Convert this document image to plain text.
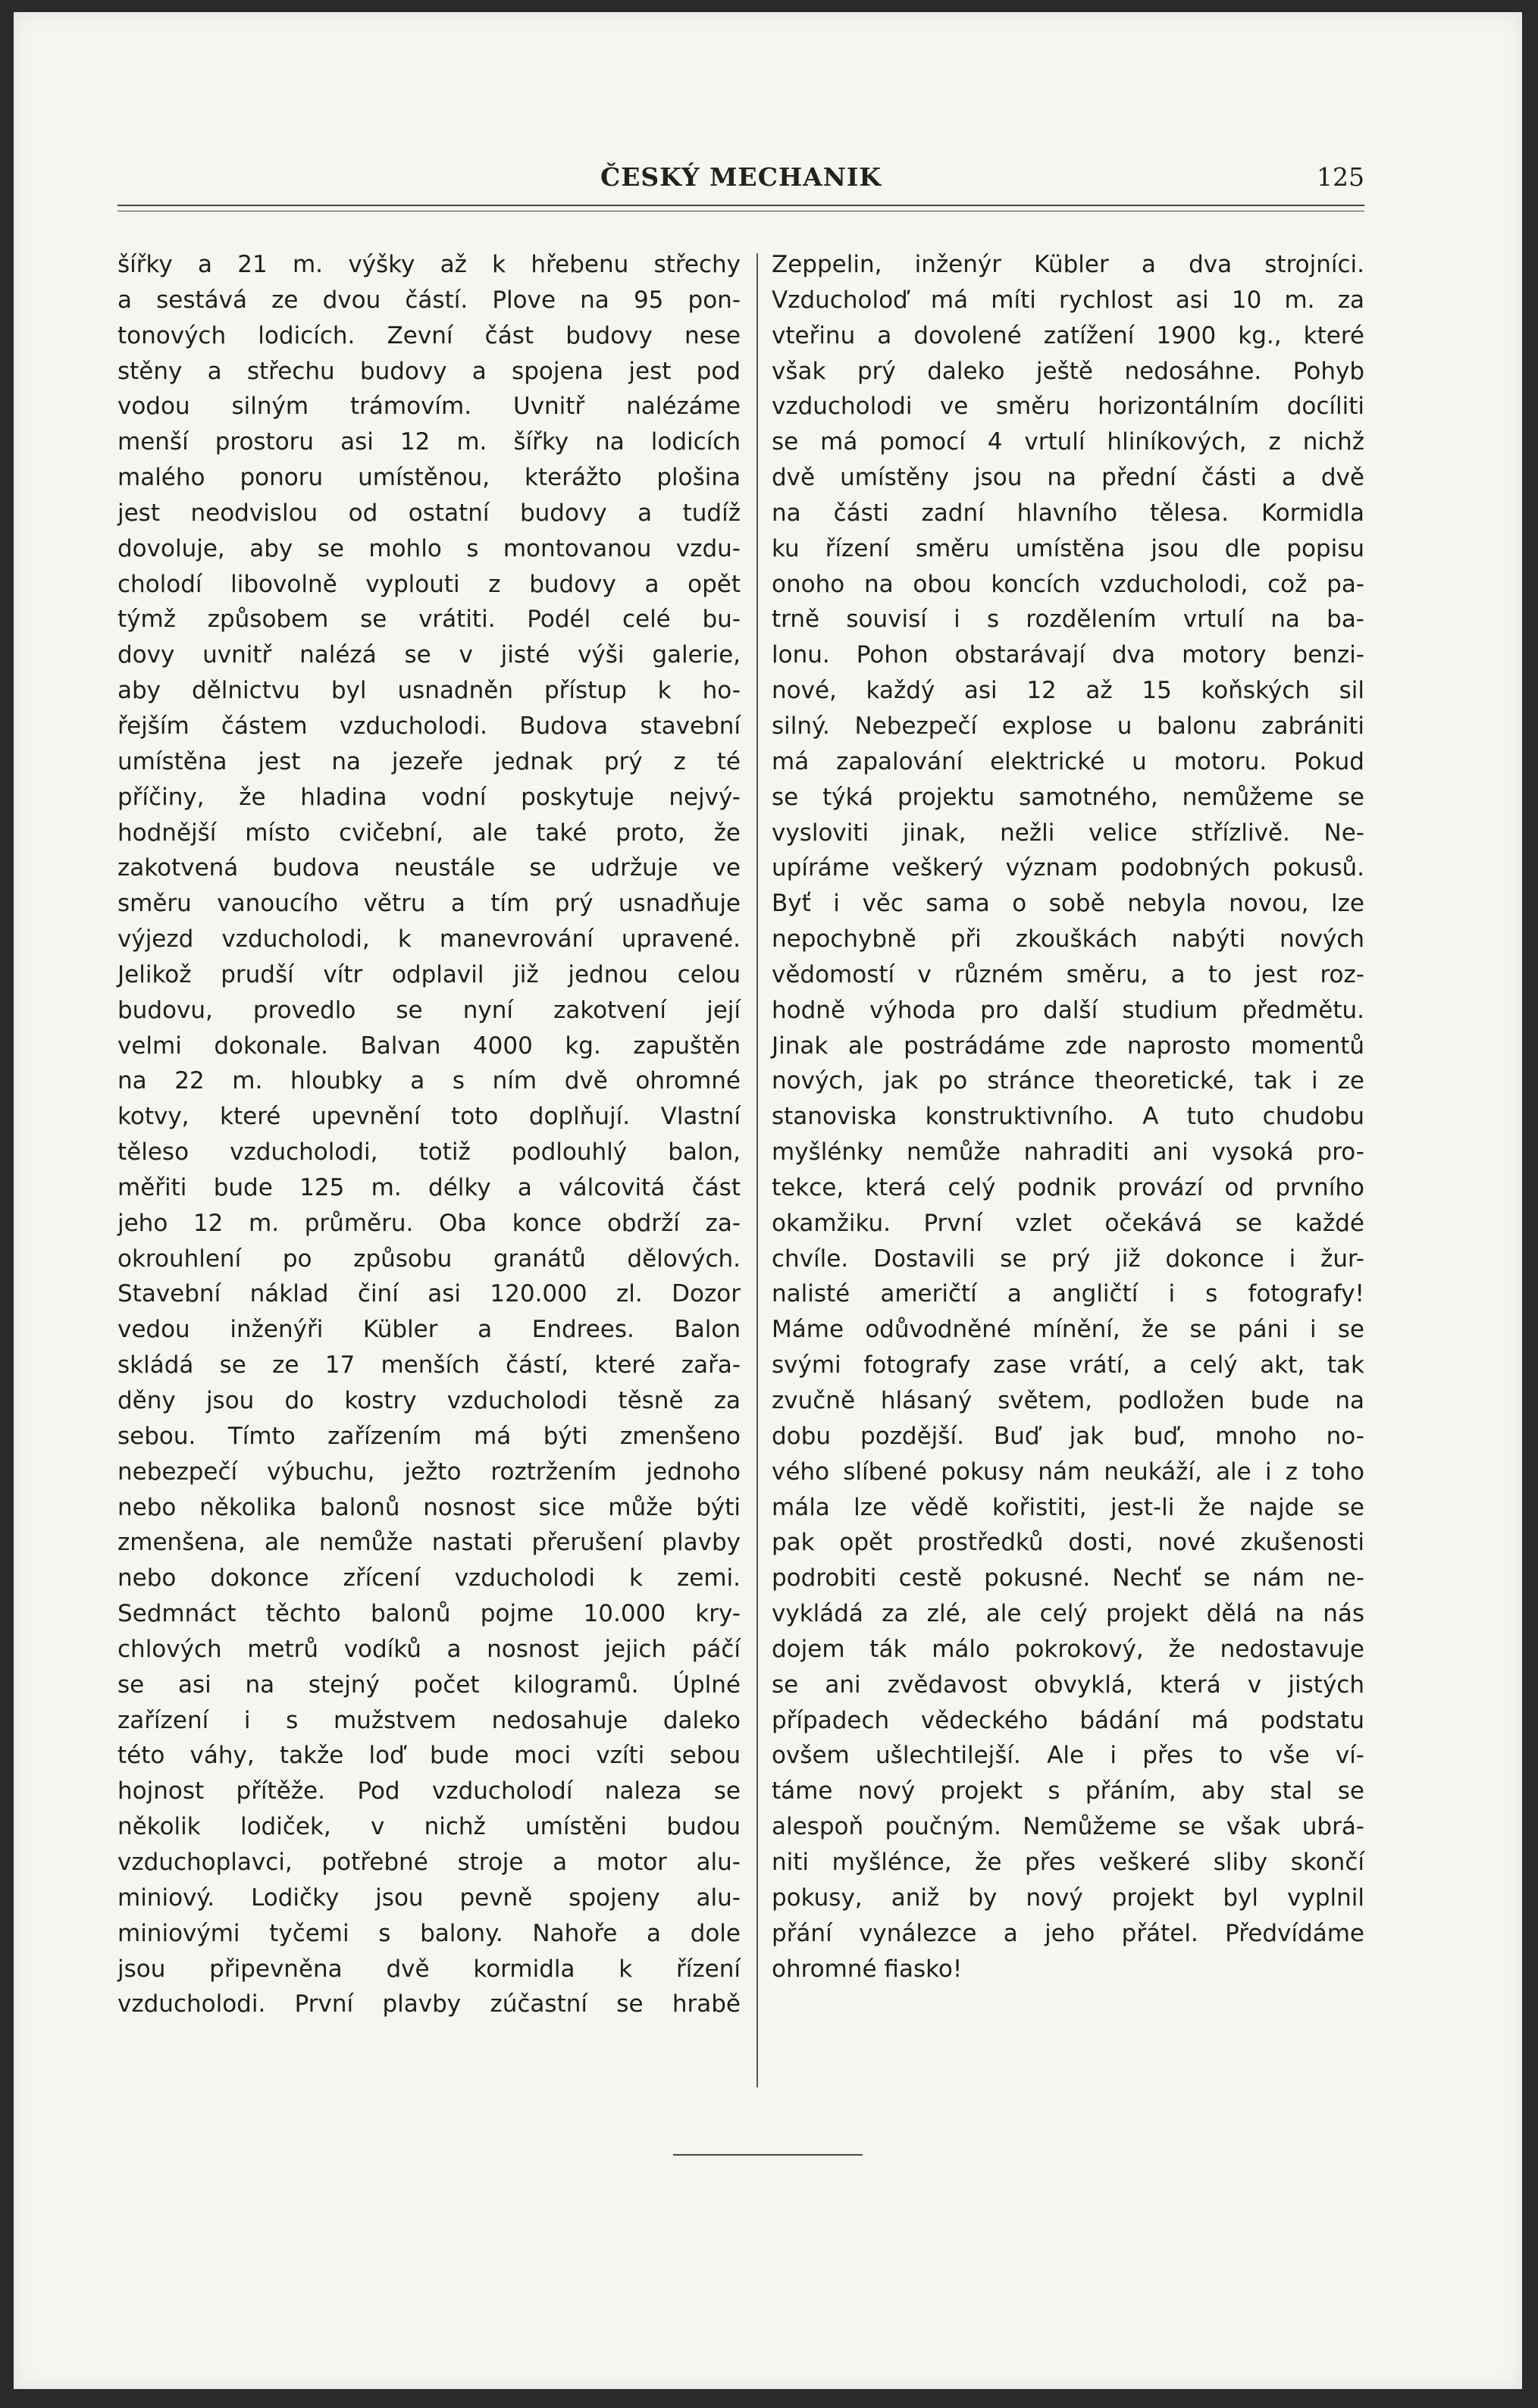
ČESKÝ MECHANIK	125
šířky a 21 m. výšky až k hřebenu střechy
a sestává ze dvou částí. Plove na 95 pon-
tonových lodicích. Zevní část budovy nese
stěny a střechu budovy a spojena jest pod
vodou silným trámovím. Uvnitř nalézáme
menší prostoru asi 12 m. šířky na lodicích
malého ponoru umístěnou, kterážto plošina
jest neodvislou od ostatní budovy a tudíž
dovoluje, aby se mohlo s montovanou vzdu-
cholodí libovolně vyplouti z budovy a opět
týmž způsobem se vrátiti. Podél celé bu-
dovy uvnitř nalézá se v jisté výši galerie,
aby dělnictvu byl usnadněn přístup k ho-
řejším částem vzducholodi. Budova stavební
umístěna jest na jezeře jednak prý z té
příčiny, že hladina vodní poskytuje nejvý-
hodnější místo cvičební, ale také proto, že
zakotvená budova neustále se udržuje ve
směru vanoucího větru a tím prý usnadňuje
výjezd vzducholodi, k manevrování upravené.
Jelikož prudší vítr odplavil již jednou celou
budovu, provedlo se nyní zakotvení její
velmi dokonale. Balvan 4000 kg. zapuštěn
na 22 m. hloubky a s ním dvě ohromné
kotvy, které upevnění toto doplňují. Vlastní
těleso vzducholodi, totiž podlouhlý balon,
měřiti bude 125 m. délky a válcovitá část
jeho 12 m. průměru. Oba konce obdrží za-
okrouhlení po způsobu granátů dělových.
Stavební náklad činí asi 120.000 zl. Dozor
vedou inženýři Kübler a Endrees. Balon
skládá se ze 17 menších částí, které zařa-
děny jsou do kostry vzducholodi těsně za
sebou. Tímto zařízením má býti zmenšeno
nebezpečí výbuchu, ježto roztržením jednoho
nebo několika balonů nosnost sice může býti
zmenšena, ale nemůže nastati přerušení plavby
nebo dokonce zřícení vzducholodi k zemi.
Sedmnáct těchto balonů pojme 10.000 kry-
chlových metrů vodíků a nosnost jejich páčí
se asi na stejný počet kilogramů. Úplné
zařízení i s mužstvem nedosahuje daleko
této váhy, takže loď bude moci vzíti sebou
hojnost přítěže. Pod vzducholodí naleza se
několik lodiček, v nichž umístěni budou
vzduchoplavci, potřebné stroje a motor alu-
miniový. Lodičky jsou pevně spojeny alu-
miniovými tyčemi s balony. Nahoře a dole
jsou připevněna dvě kormidla k řízení
vzducholodi. První plavby zúčastní se hrabě
Zeppelin, inženýr Kübler a dva strojníci.
Vzducholoď má míti rychlost asi 10 m. za
vteřinu a dovolené zatížení 1900 kg., které
však prý daleko ještě nedosáhne. Pohyb
vzducholodi ve směru horizontálním docíliti
se má pomocí 4 vrtulí hliníkových, z nichž
dvě umístěny jsou na přední části a dvě
na části zadní hlavního tělesa. Kormidla
ku řízení směru umístěna jsou dle popisu
onoho na obou koncích vzducholodi, což pa-
trně souvisí i s rozdělením vrtulí na ba-
lonu. Pohon obstarávají dva motory benzi-
nové, každý asi 12 až 15 koňských sil
silný. Nebezpečí explose u balonu zabrániti
má zapalování elektrické u motoru. Pokud
se týká projektu samotného, nemůžeme se
vysloviti jinak, nežli velice střízlivě. Ne-
upíráme veškerý význam podobných pokusů.
Byť i věc sama o sobě nebyla novou, lze
nepochybně při zkouškách nabýti nových
vědomostí v různém směru, a to jest roz-
hodně výhoda pro další studium předmětu.
Jinak ale postrádáme zde naprosto momentů
nových, jak po stránce theoretické, tak i ze
stanoviska konstruktivního. A tuto chudobu
myšlénky nemůže nahraditi ani vysoká pro-
tekce, která celý podnik provází od prvního
okamžiku. První vzlet očekává se každé
chvíle. Dostavili se prý již dokonce i žur-
nalisté američtí a angličtí i s fotografy!
Máme odůvodněné mínění, že se páni i se
svými fotografy zase vrátí, a celý akt, tak
zvučně hlásaný světem, podložen bude na
dobu pozdější. Buď jak buď, mnoho no-
vého slíbené pokusy nám neukáží, ale i z toho
mála lze vědě kořistiti, jest-li že najde se
pak opět prostředků dosti, nové zkušenosti
podrobiti cestě pokusné. Nechť se nám ne-
vykládá za zlé, ale celý projekt dělá na nás
dojem ták málo pokrokový, že nedostavuje
se ani zvědavost obvyklá, která v jistých
případech vědeckého bádání má podstatu
ovšem ušlechtilejší. Ale i přes to vše ví-
táme nový projekt s přáním, aby stal se
alespoň poučným. Nemůžeme se však ubrá-
niti myšlénce, že přes veškeré sliby skončí
pokusy, aniž by nový projekt byl vyplnil
přání vynálezce a jeho přátel. Předvídáme
ohromné fiasko!
